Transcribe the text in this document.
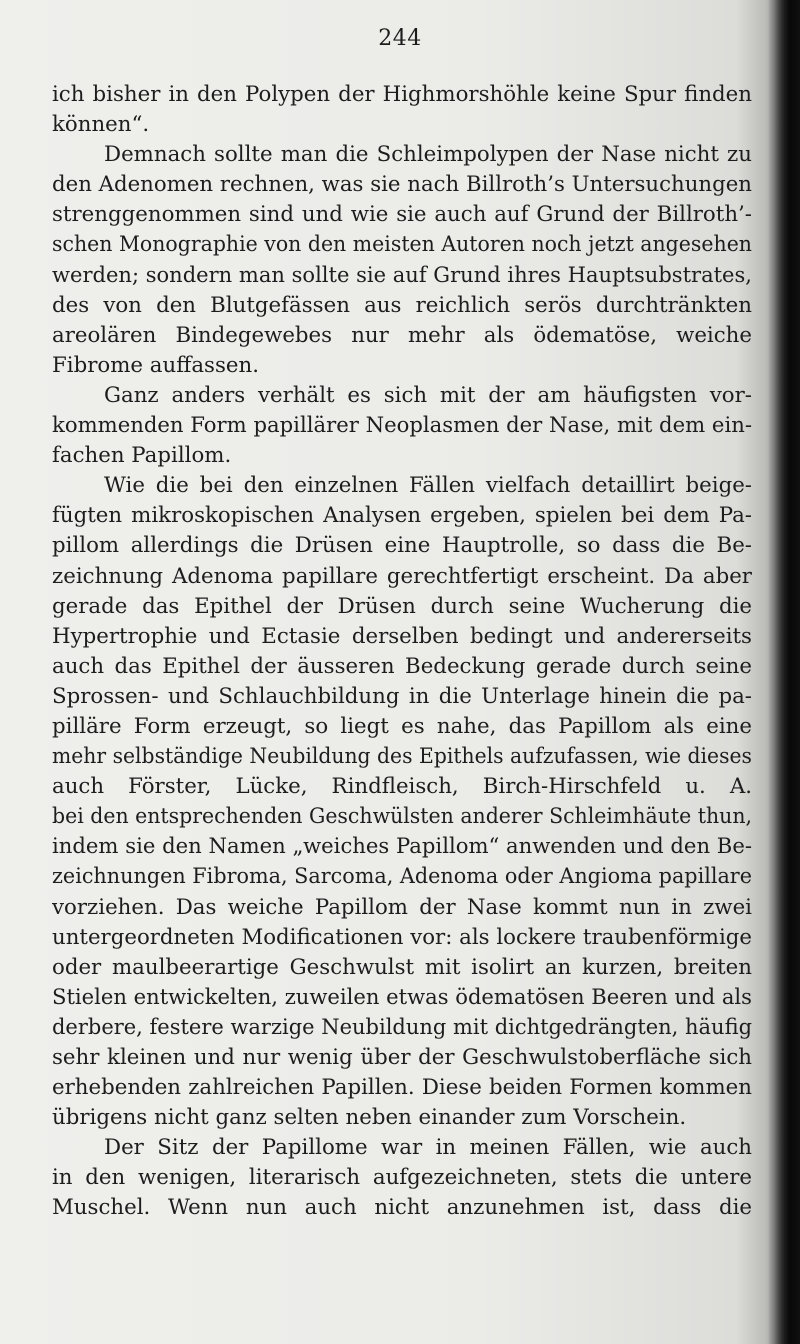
244
ich bisher in den Polypen der Highmorshöhle keine Spur finden
können“.
Demnach sollte man die Schleimpolypen der Nase nicht zu
den Adenomen rechnen, was sie nach Billroth’s Untersuchungen
strenggenommen sind und wie sie auch auf Grund der Billroth’-
schen Monographie von den meisten Autoren noch jetzt angesehen
werden; sondern man sollte sie auf Grund ihres Hauptsubstrates,
des von den Blutgefässen aus reichlich serös durchtränkten
areolären Bindegewebes nur mehr als ödematöse, weiche
Fibrome auffassen.
Ganz anders verhält es sich mit der am häufigsten vor-
kommenden Form papillärer Neoplasmen der Nase, mit dem ein-
fachen Papillom.
Wie die bei den einzelnen Fällen vielfach detaillirt beige-
fügten mikroskopischen Analysen ergeben, spielen bei dem Pa-
pillom allerdings die Drüsen eine Hauptrolle, so dass die Be-
zeichnung Adenoma papillare gerechtfertigt erscheint. Da aber
gerade das Epithel der Drüsen durch seine Wucherung die
Hypertrophie und Ectasie derselben bedingt und andererseits
auch das Epithel der äusseren Bedeckung gerade durch seine
Sprossen- und Schlauchbildung in die Unterlage hinein die pa-
pilläre Form erzeugt, so liegt es nahe, das Papillom als eine
mehr selbständige Neubildung des Epithels aufzufassen, wie dieses
auch Förster, Lücke, Rindfleisch, Birch-Hirschfeld u. A.
bei den entsprechenden Geschwülsten anderer Schleimhäute thun,
indem sie den Namen „weiches Papillom“ anwenden und den Be-
zeichnungen Fibroma, Sarcoma, Adenoma oder Angioma papillare
vorziehen. Das weiche Papillom der Nase kommt nun in zwei
untergeordneten Modificationen vor: als lockere traubenförmige
oder maulbeerartige Geschwulst mit isolirt an kurzen, breiten
Stielen entwickelten, zuweilen etwas ödematösen Beeren und als
derbere, festere warzige Neubildung mit dichtgedrängten, häufig
sehr kleinen und nur wenig über der Geschwulstoberfläche sich
erhebenden zahlreichen Papillen. Diese beiden Formen kommen
übrigens nicht ganz selten neben einander zum Vorschein.
Der Sitz der Papillome war in meinen Fällen, wie auch
in den wenigen, literarisch aufgezeichneten, stets die untere
Muschel. Wenn nun auch nicht anzunehmen ist, dass die
